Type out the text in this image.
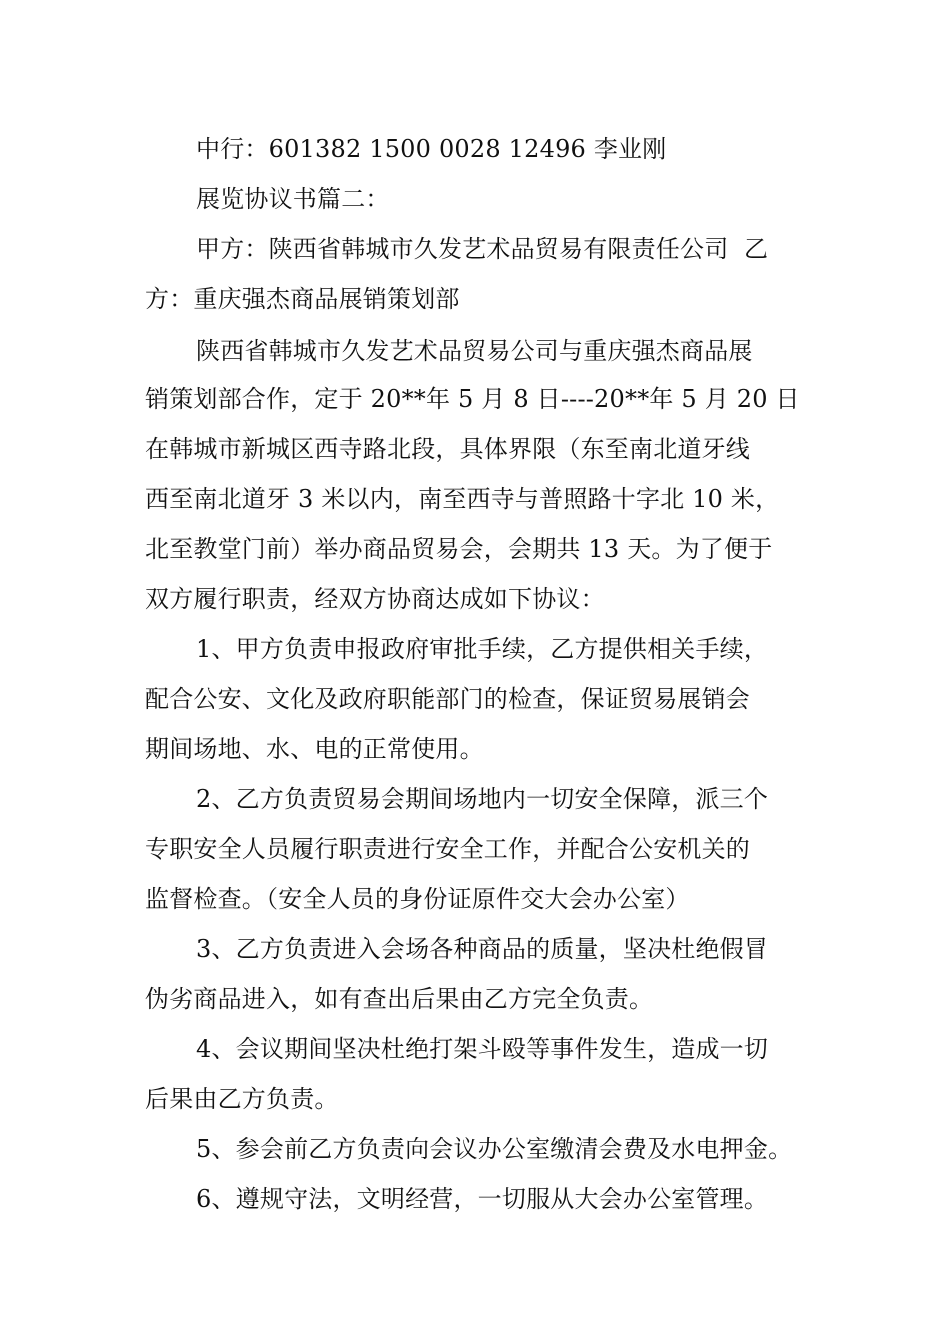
中行：601382 1500 0028 12496 李业刚
展览协议书篇二：
甲方：陕西省韩城市久发艺术品贸易有限责任公司  乙
方：重庆强杰商品展销策划部
陕西省韩城市久发艺术品贸易公司与重庆强杰商品展
销策划部合作，定于 20**年 5 月 8 日----20**年 5 月 20 日
在韩城市新城区西寺路北段，具体界限（东至南北道牙线
西至南北道牙 3 米以内，南至西寺与普照路十字北 10 米，
北至教堂门前）举办商品贸易会，会期共 13 天。为了便于
双方履行职责，经双方协商达成如下协议：
1、甲方负责申报政府审批手续，乙方提供相关手续，
配合公安、文化及政府职能部门的检查，保证贸易展销会
期间场地、水、电的正常使用。
2、乙方负责贸易会期间场地内一切安全保障，派三个
专职安全人员履行职责进行安全工作，并配合公安机关的
监督检查。（安全人员的身份证原件交大会办公室）
3、乙方负责进入会场各种商品的质量，坚决杜绝假冒
伪劣商品进入，如有查出后果由乙方完全负责。
4、会议期间坚决杜绝打架斗殴等事件发生，造成一切
后果由乙方负责。
5、参会前乙方负责向会议办公室缴清会费及水电押金。
6、遵规守法，文明经营，一切服从大会办公室管理。
